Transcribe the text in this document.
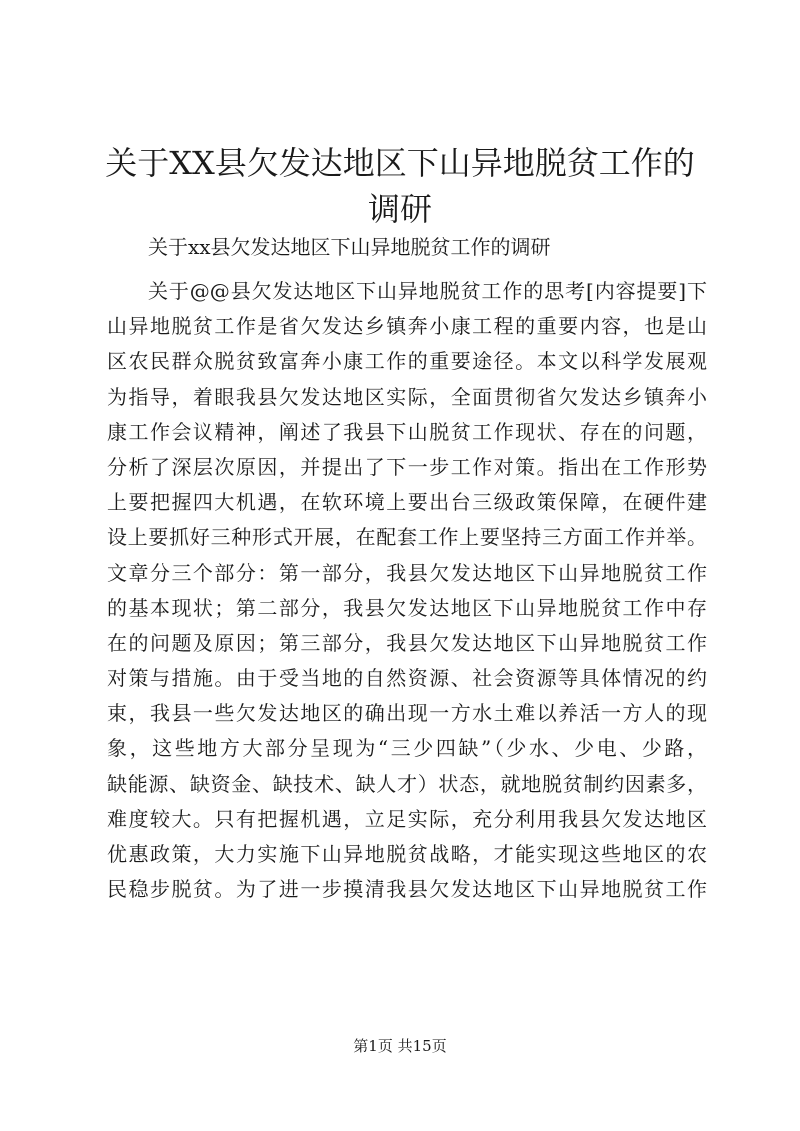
关于XX县欠发达地区下山异地脱贫工作的调研

关于xx县欠发达地区下山异地脱贫工作的调研

关于@@县欠发达地区下山异地脱贫工作的思考[内容提要]下
山异地脱贫工作是省欠发达乡镇奔小康工程的重要内容，也是山
区农民群众脱贫致富奔小康工作的重要途径。本文以科学发展观
为指导，着眼我县欠发达地区实际，全面贯彻省欠发达乡镇奔小
康工作会议精神，阐述了我县下山脱贫工作现状、存在的问题，
分析了深层次原因，并提出了下一步工作对策。指出在工作形势
上要把握四大机遇，在软环境上要出台三级政策保障，在硬件建
设上要抓好三种形式开展，在配套工作上要坚持三方面工作并举。
文章分三个部分：第一部分，我县欠发达地区下山异地脱贫工作
的基本现状；第二部分，我县欠发达地区下山异地脱贫工作中存
在的问题及原因；第三部分，我县欠发达地区下山异地脱贫工作
对策与措施。由于受当地的自然资源、社会资源等具体情况的约
束，我县一些欠发达地区的确出现一方水土难以养活一方人的现
象，这些地方大部分呈现为“三少四缺”（少水、少电、少路，
缺能源、缺资金、缺技术、缺人才）状态，就地脱贫制约因素多，
难度较大。只有把握机遇，立足实际，充分利用我县欠发达地区
优惠政策，大力实施下山异地脱贫战略，才能实现这些地区的农
民稳步脱贫。为了进一步摸清我县欠发达地区下山异地脱贫工作
第1页 共15页
